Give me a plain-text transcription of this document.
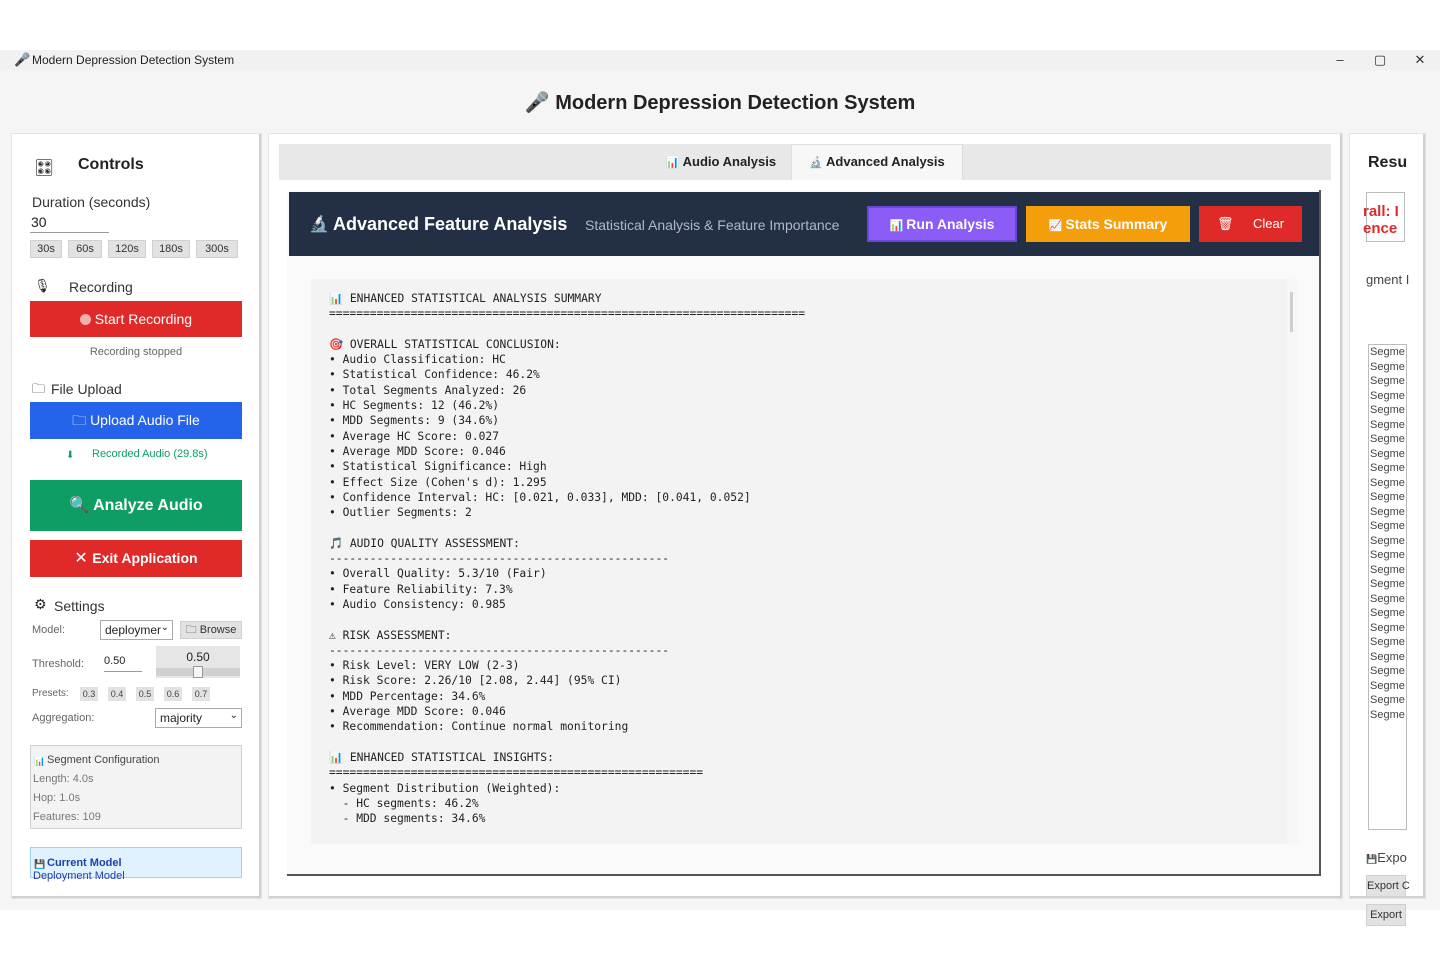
🎤 Modern Depression Detection System	–	▢	✕
🎤 Modern Depression Detection System
🎛 Controls
Duration (seconds)
30
30s	60s	120s	180s	300s
🎙 Recording
Start Recording
Recording stopped
🗀 File Upload
🗀 Upload Audio File
⬇ Recorded Audio (29.8s)
🔍 Analyze Audio
✕ Exit Application
⚙ Settings
Model:	deploymer ⌄	🗀 Browse
Threshold: 0.50	0.50
Presets:	0.3	0.4	0.5	0.6	0.7
Aggregation:	majority	⌄
📊 Segment Configuration
Length: 4.0s
Hop: 1.0s
Features: 109
💾 Current Model
Deployment Model
📊 Audio Analysis	🔬 Advanced Analysis
🔬 Advanced Feature Analysis Statistical Analysis & Feature Importance	📊 Run Analysis	📈 Stats Summary	🗑 Clear
📊 ENHANCED STATISTICAL ANALYSIS SUMMARY
======================================================================

🎯 OVERALL STATISTICAL CONCLUSION:
• Audio Classification: HC
• Statistical Confidence: 46.2%
• Total Segments Analyzed: 26
• HC Segments: 12 (46.2%)
• MDD Segments: 9 (34.6%)
• Average HC Score: 0.027
• Average MDD Score: 0.046
• Statistical Significance: High
• Effect Size (Cohen's d): 1.295
• Confidence Interval: HC: [0.021, 0.033], MDD: [0.041, 0.052]
• Outlier Segments: 2

🎵 AUDIO QUALITY ASSESSMENT:
--------------------------------------------------
• Overall Quality: 5.3/10 (Fair)
• Feature Reliability: 7.3%
• Audio Consistency: 0.985

⚠ RISK ASSESSMENT:
--------------------------------------------------
• Risk Level: VERY LOW (2-3)
• Risk Score: 2.26/10 [2.08, 2.44] (95% CI)
• MDD Percentage: 34.6%
• Average MDD Score: 0.046
• Recommendation: Continue normal monitoring

📊 ENHANCED STATISTICAL INSIGHTS:
=======================================================
• Segment Distribution (Weighted):
- HC segments: 46.2%
- MDD segments: 34.6%
Resu
rall: I
ence
gment I
Segme
Segme
Segme
Segme
Segme
Segme
Segme
Segme
Segme
Segme
Segme
Segme
Segme
Segme
Segme
Segme
Segme
Segme
Segme
Segme
Segme
Segme
Segme
Segme
Segme
Segme
💾Expo
Export C
Export
